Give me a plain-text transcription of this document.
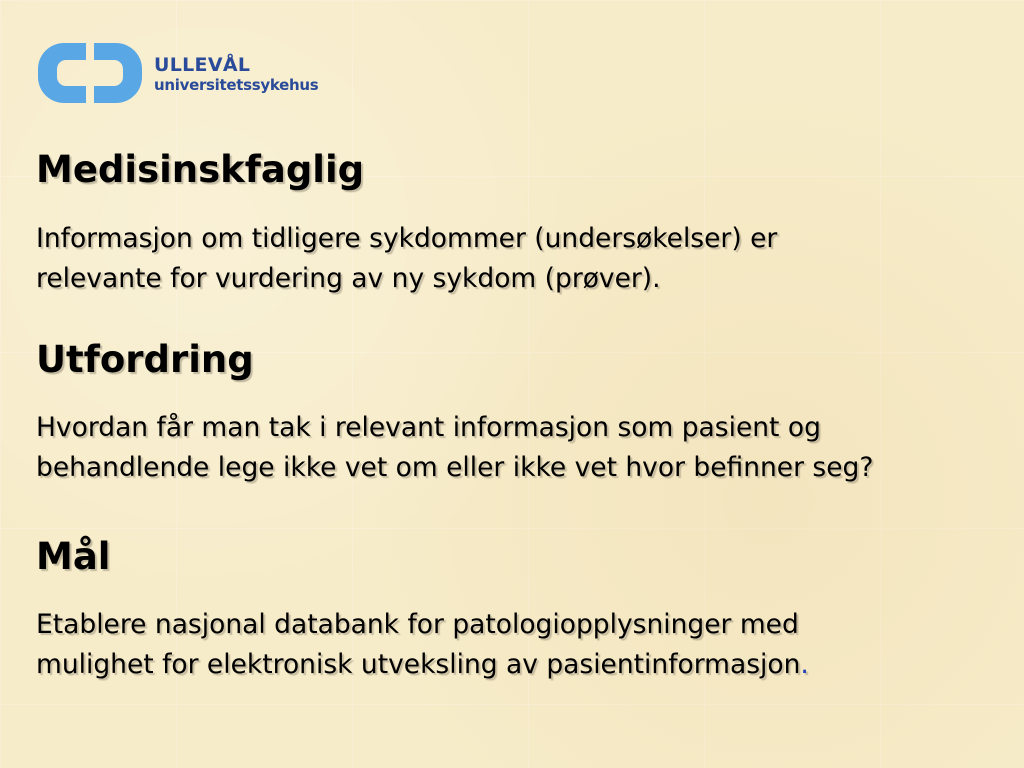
ULLEVÅL
universitetssykehus
Medisinskfaglig

Informasjon om tidligere sykdommer (undersøkelser) er
relevante for vurdering av ny sykdom (prøver).

Utfordring

Hvordan får man tak i relevant informasjon som pasient og
behandlende lege ikke vet om eller ikke vet hvor befinner seg?

Mål

Etablere nasjonal databank for patologiopplysninger med
mulighet for elektronisk utveksling av pasientinformasjon.
